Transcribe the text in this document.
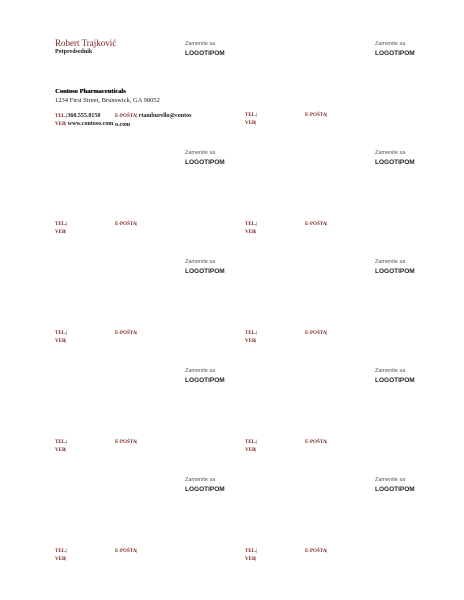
Robert Trajković
Potpredsednik
Zamenite sa
LOGOTIPOM
Contoso Pharmaceuticals
1234 First Street, Brunswick, GA 98052
TEL.|360.555.0150
VEB| www.contoso.com
E-POŠTA| rtamburello@contoso.com
Zamenite sa
LOGOTIPOM
TEL.|
VEB|
E-POŠTA|
Zamenite sa
LOGOTIPOM
TEL.|
VEB|
E-POŠTA|
Zamenite sa
LOGOTIPOM
TEL.|
VEB|
E-POŠTA|
Zamenite sa
LOGOTIPOM
TEL.|
VEB|
E-POŠTA|
Zamenite sa
LOGOTIPOM
TEL.|
VEB|
E-POŠTA|
Zamenite sa
LOGOTIPOM
TEL.|
VEB|
E-POŠTA|
Zamenite sa
LOGOTIPOM
TEL.|
VEB|
E-POŠTA|
Zamenite sa
LOGOTIPOM
TEL.|
VEB|
E-POŠTA|
Zamenite sa
LOGOTIPOM
TEL.|
VEB|
E-POŠTA|
